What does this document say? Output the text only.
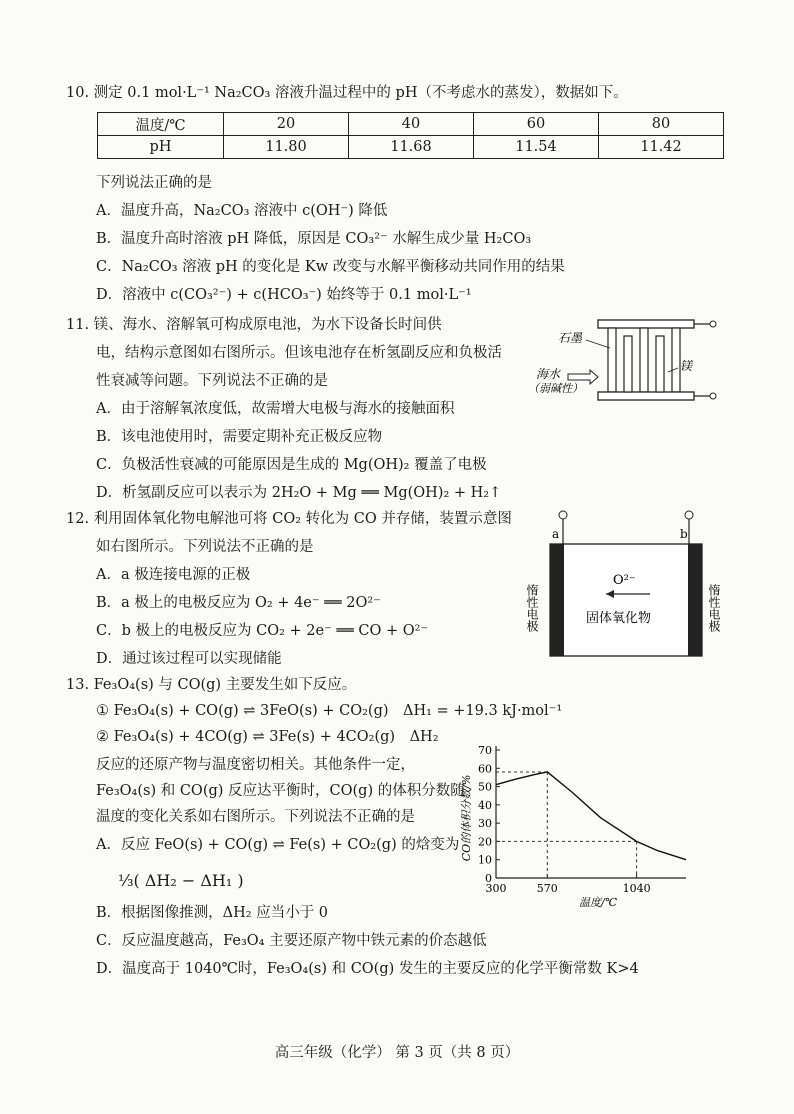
10. 测定 0.1 mol·L⁻¹ Na₂CO₃ 溶液升温过程中的 pH（不考虑水的蒸发），数据如下。
温度/℃	20	40	60	80
pH	11.80	11.68	11.54	11.42
下列说法正确的是
A．温度升高，Na₂CO₃ 溶液中 c(OH⁻) 降低
B．温度升高时溶液 pH 降低，原因是 CO₃²⁻ 水解生成少量 H₂CO₃
C．Na₂CO₃ 溶液 pH 的变化是 Kw 改变与水解平衡移动共同作用的结果
D．溶液中 c(CO₃²⁻) + c(HCO₃⁻) 始终等于 0.1 mol·L⁻¹
11. 镁、海水、溶解氧可构成原电池，为水下设备长时间供
电，结构示意图如右图所示。但该电池存在析氢副反应和负极活
性衰减等问题。下列说法不正确的是
A．由于溶解氧浓度低，故需增大电极与海水的接触面积
B．该电池使用时，需要定期补充正极反应物
C．负极活性衰减的可能原因是生成的 Mg(OH)₂ 覆盖了电极
D．析氢副反应可以表示为 2H₂O + Mg ══ Mg(OH)₂ + H₂↑
石墨
镁
海水
（弱碱性）
12. 利用固体氧化物电解池可将 CO₂ 转化为 CO 并存储，装置示意图
如右图所示。下列说法不正确的是
A．a 极连接电源的正极
B．a 极上的电极反应为 O₂ + 4e⁻ ══ 2O²⁻
C．b 极上的电极反应为 CO₂ + 2e⁻ ══ CO + O²⁻
D．通过该过程可以实现储能
a	b
O²⁻
固体氧化物
惰性电极	惰性电极
13. Fe₃O₄(s) 与 CO(g) 主要发生如下反应。
① Fe₃O₄(s) + CO(g) ⇌ 3FeO(s) + CO₂(g)　ΔH₁ = +19.3 kJ·mol⁻¹
② Fe₃O₄(s) + 4CO(g) ⇌ 3Fe(s) + 4CO₂(g)　ΔH₂
反应的还原产物与温度密切相关。其他条件一定，
Fe₃O₄(s) 和 CO(g) 反应达平衡时，CO(g) 的体积分数随
温度的变化关系如右图所示。下列说法不正确的是
A．反应 FeO(s) + CO(g) ⇌ Fe(s) + CO₂(g) 的焓变为
⅓( ΔH₂ − ΔH₁ )
B．根据图像推测，ΔH₂ 应当小于 0
C．反应温度越高，Fe₃O₄ 主要还原产物中铁元素的价态越低
D．温度高于 1040℃时，Fe₃O₄(s) 和 CO(g) 发生的主要反应的化学平衡常数 K>4
0
10
20
30
40
50
60
70
300	570	1040
温度/℃
CO的体积分数/%
高三年级（化学） 第 3 页（共 8 页）
